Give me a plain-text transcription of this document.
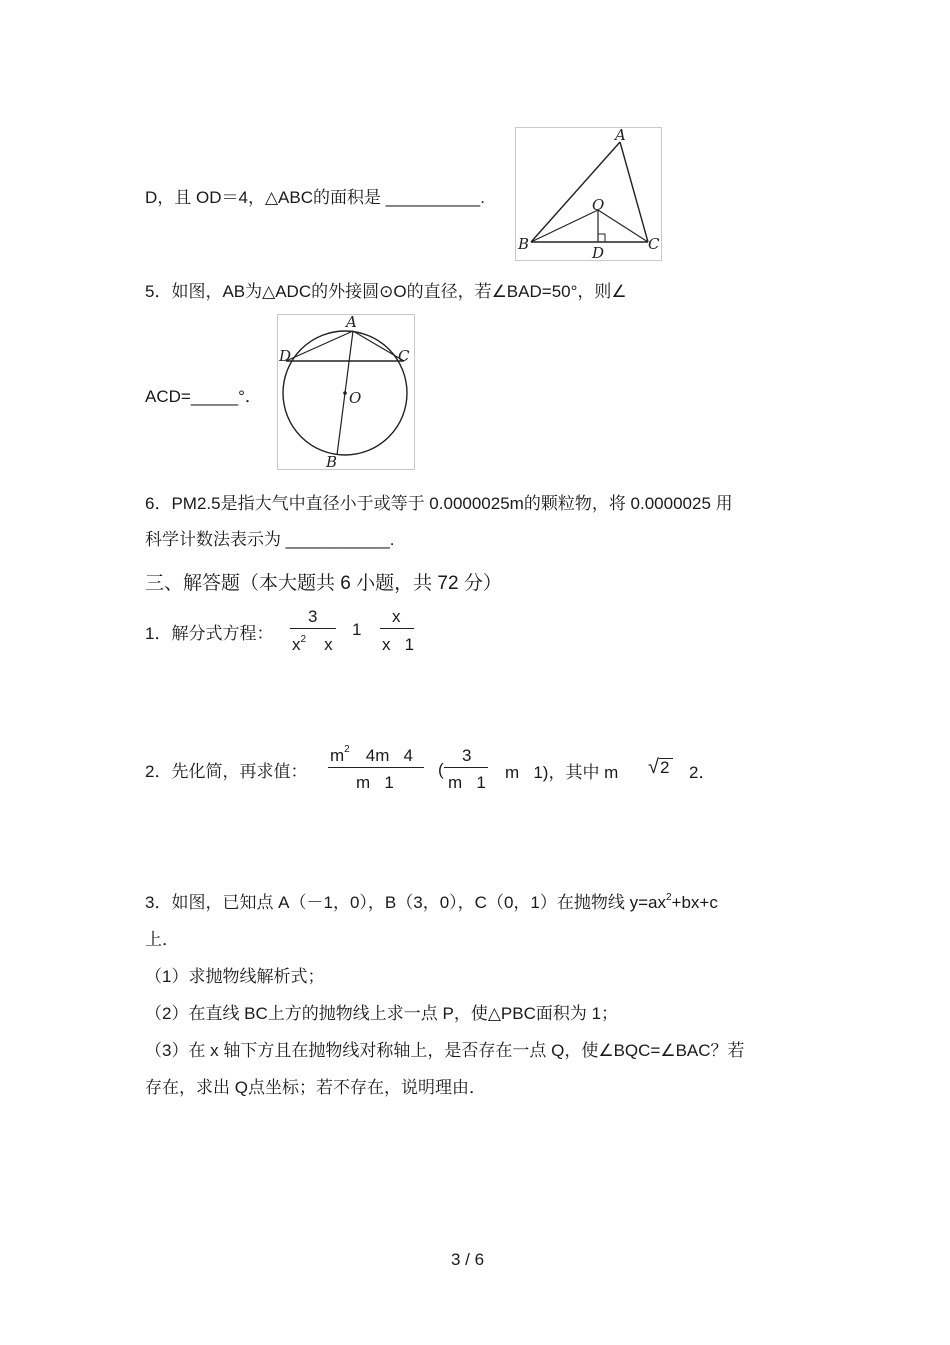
D，且 OD＝4，△ABC的面积是 __________.
A
B	C
O
D
5．如图，AB为△ADC的外接圆⊙O的直径，若∠BAD=50°，则∠
A
D	C
O
B
ACD=_____°．
6．PM2.5是指大气中直径小于或等于 0.0000025m的颗粒物，将 0.0000025 用
科学计数法表示为 ___________.
三、解答题（本大题共 6 小题，共 72 分）
1．解分式方程：
3
$x^2$ x
1
x
x   1
2．先化简，再求值：
$m^2$ 4m   4
m   1
(
3
m   1
m   1)，其中 m √ 2 2．
3．如图，已知点 A（－1，0），B（3，0），C（0，1）在抛物线 $y=ax^2+bx+c$
上．
（1）求抛物线解析式；
（2）在直线 BC上方的抛物线上求一点 P，使△PBC面积为 1；
（3）在 x 轴下方且在抛物线对称轴上，是否存在一点 Q，使∠BQC=∠BAC？若
存在，求出 Q点坐标；若不存在，说明理由．
3 / 6
